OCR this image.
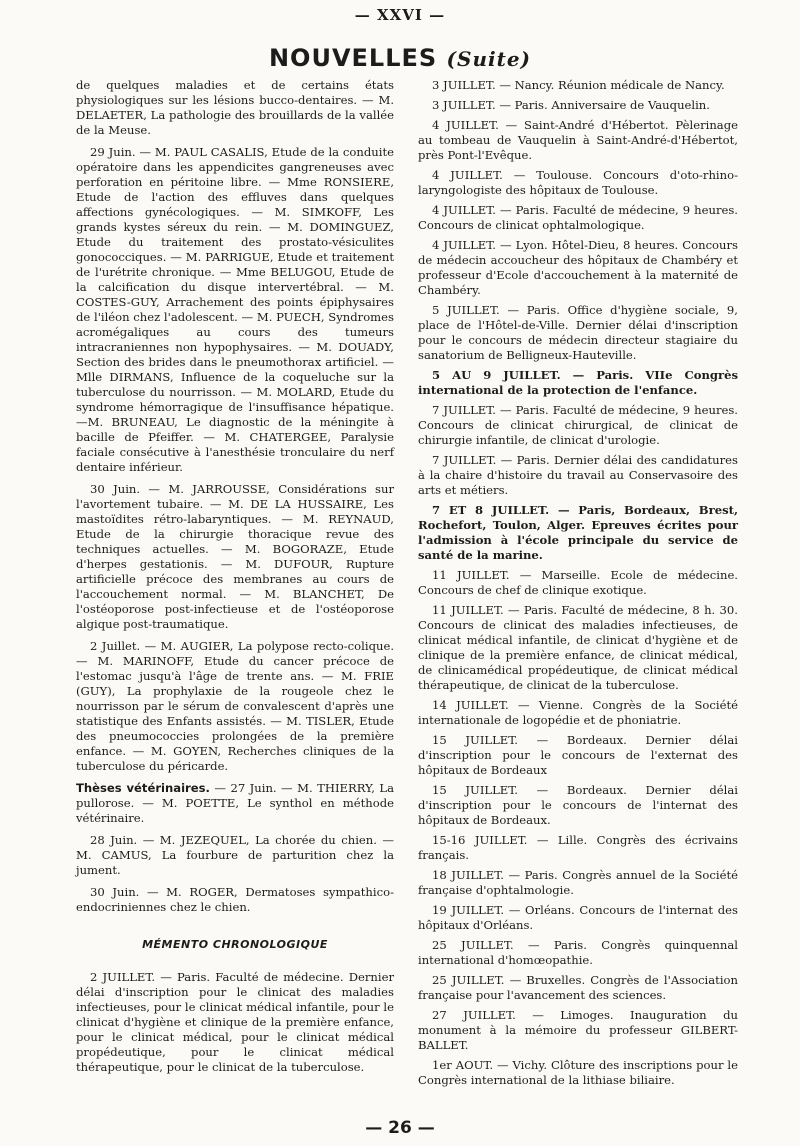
— XXVI —
NOUVELLES (Suite)

de quelques maladies et de certains états physiologiques sur les lésions bucco-dentaires. — M. DELAETER, La pathologie des brouillards de la vallée de la Meuse.

29 Juin. — M. PAUL CASALIS, Etude de la conduite opératoire dans les appendicites gangreneuses avec perforation en péritoine libre. — Mme RONSIERE, Etude de l'action des effluves dans quelques affections gynécologiques. — M. SIMKOFF, Les grands kystes séreux du rein. — M. DOMINGUEZ, Etude du traitement des prostato-vésiculites gonococciques. — M. PARRIGUE, Etude et traitement de l'urétrite chronique. — Mme BELUGOU, Etude de la calcification du disque intervertébral. — M. COSTES-GUY, Arrachement des points épiphysaires de l'iléon chez l'adolescent. — M. PUECH, Syndromes acromégaliques au cours des tumeurs intracraniennes non hypophysaires. — M. DOUADY, Section des brides dans le pneumothorax artificiel. — Mlle DIRMANS, Influence de la coqueluche sur la tuberculose du nourrisson. — M. MOLARD, Etude du syndrome hémorragique de l'insuffisance hépatique. —M. BRUNEAU, Le diagnostic de la méningite à bacille de Pfeiffer. — M. CHATERGEE, Paralysie faciale consécutive à l'anesthésie tronculaire du nerf dentaire inférieur.

30 Juin. — M. JARROUSSE, Considérations sur l'avortement tubaire. — M. DE LA HUSSAIRE, Les mastoïdites rétro-labaryntiques. — M. REYNAUD, Etude de la chirurgie thoracique revue des techniques actuelles. — M. BOGORAZE, Etude d'herpes gestationis. — M. DUFOUR, Rupture artificielle précoce des membranes au cours de l'accouchement normal. — M. BLANCHET, De l'ostéoporose post-infectieuse et de l'ostéoporose algique post-traumatique.

2 Juillet. — M. AUGIER, La polypose recto-colique. — M. MARINOFF, Etude du cancer précoce de l'estomac jusqu'à l'âge de trente ans. — M. FRIE (GUY), La prophylaxie de la rougeole chez le nourrisson par le sérum de convalescent d'après une statistique des Enfants assistés. — M. TISLER, Etude des pneumococcies prolongées de la première enfance. — M. GOYEN, Recherches cliniques de la tuberculose du péricarde.

Thèses vétérinaires. — 27 Juin. — M. THIERRY, La pullorose. — M. POETTE, Le synthol en méthode vétérinaire.

28 Juin. — M. JEZEQUEL, La chorée du chien. — M. CAMUS, La fourbure de parturition chez la jument.

30 Juin. — M. ROGER, Dermatoses sympathico-endocriniennes chez le chien.

MÉMENTO CHRONOLOGIQUE

2 JUILLET. — Paris. Faculté de médecine. Dernier délai d'inscription pour le clinicat des maladies infectieuses, pour le clinicat médical infantile, pour le clinicat d'hygiène et clinique de la première enfance, pour le clinicat médical, pour le clinicat médical propédeutique, pour le clinicat médical thérapeutique, pour le clinicat de la tuberculose.

3 JUILLET. — Nancy. Réunion médicale de Nancy.

3 JUILLET. — Paris. Anniversaire de Vauquelin.

4 JUILLET. — Saint-André d'Hébertot. Pèlerinage au tombeau de Vauquelin à Saint-André-d'Hébertot, près Pont-l'Evêque.

4 JUILLET. — Toulouse. Concours d'oto-rhino-laryngologiste des hôpitaux de Toulouse.

4 JUILLET. — Paris. Faculté de médecine, 9 heures. Concours de clinicat ophtalmologique.

4 JUILLET. — Lyon. Hôtel-Dieu, 8 heures. Concours de médecin accoucheur des hôpitaux de Chambéry et professeur d'Ecole d'accouchement à la maternité de Chambéry.

5 JUILLET. — Paris. Office d'hygiène sociale, 9, place de l'Hôtel-de-Ville. Dernier délai d'inscription pour le concours de médecin directeur stagiaire du sanatorium de Belligneux-Hauteville.

5 AU 9 JUILLET. — Paris. VIIe Congrès international de la protection de l'enfance.

7 JUILLET. — Paris. Faculté de médecine, 9 heures. Concours de clinicat chirurgical, de clinicat de chirurgie infantile, de clinicat d'urologie.

7 JUILLET. — Paris. Dernier délai des candidatures à la chaire d'histoire du travail au Conservasoire des arts et métiers.

7 ET 8 JUILLET. — Paris, Bordeaux, Brest, Rochefort, Toulon, Alger. Epreuves écrites pour l'admission à l'école principale du service de santé de la marine.

11 JUILLET. — Marseille. Ecole de médecine. Concours de chef de clinique exotique.

11 JUILLET. — Paris. Faculté de médecine, 8 h. 30. Concours de clinicat des maladies infectieuses, de clinicat médical infantile, de clinicat d'hygiène et de clinique de la première enfance, de clinicat médical, de clinicamédical propédeutique, de clinicat médical thérapeutique, de clinicat de la tuberculose.

14 JUILLET. — Vienne. Congrès de la Société internationale de logopédie et de phoniatrie.

15 JUILLET. — Bordeaux. Dernier délai d'inscription pour le concours de l'externat des hôpitaux de Bordeaux

15 JUILLET. — Bordeaux. Dernier délai d'inscription pour le concours de l'internat des hôpitaux de Bordeaux.

15-16 JUILLET. — Lille. Congrès des écrivains français.

18 JUILLET. — Paris. Congrès annuel de la Société française d'ophtalmologie.

19 JUILLET. — Orléans. Concours de l'internat des hôpitaux d'Orléans.

25 JUILLET. — Paris. Congrès quinquennal international d'homœopathie.

25 JUILLET. — Bruxelles. Congrès de l'Association française pour l'avancement des sciences.

27 JUILLET. — Limoges. Inauguration du monument à la mémoire du professeur GILBERT-BALLET.

1er AOUT. — Vichy. Clôture des inscriptions pour le Congrès international de la lithiase biliaire.

— 26 —
